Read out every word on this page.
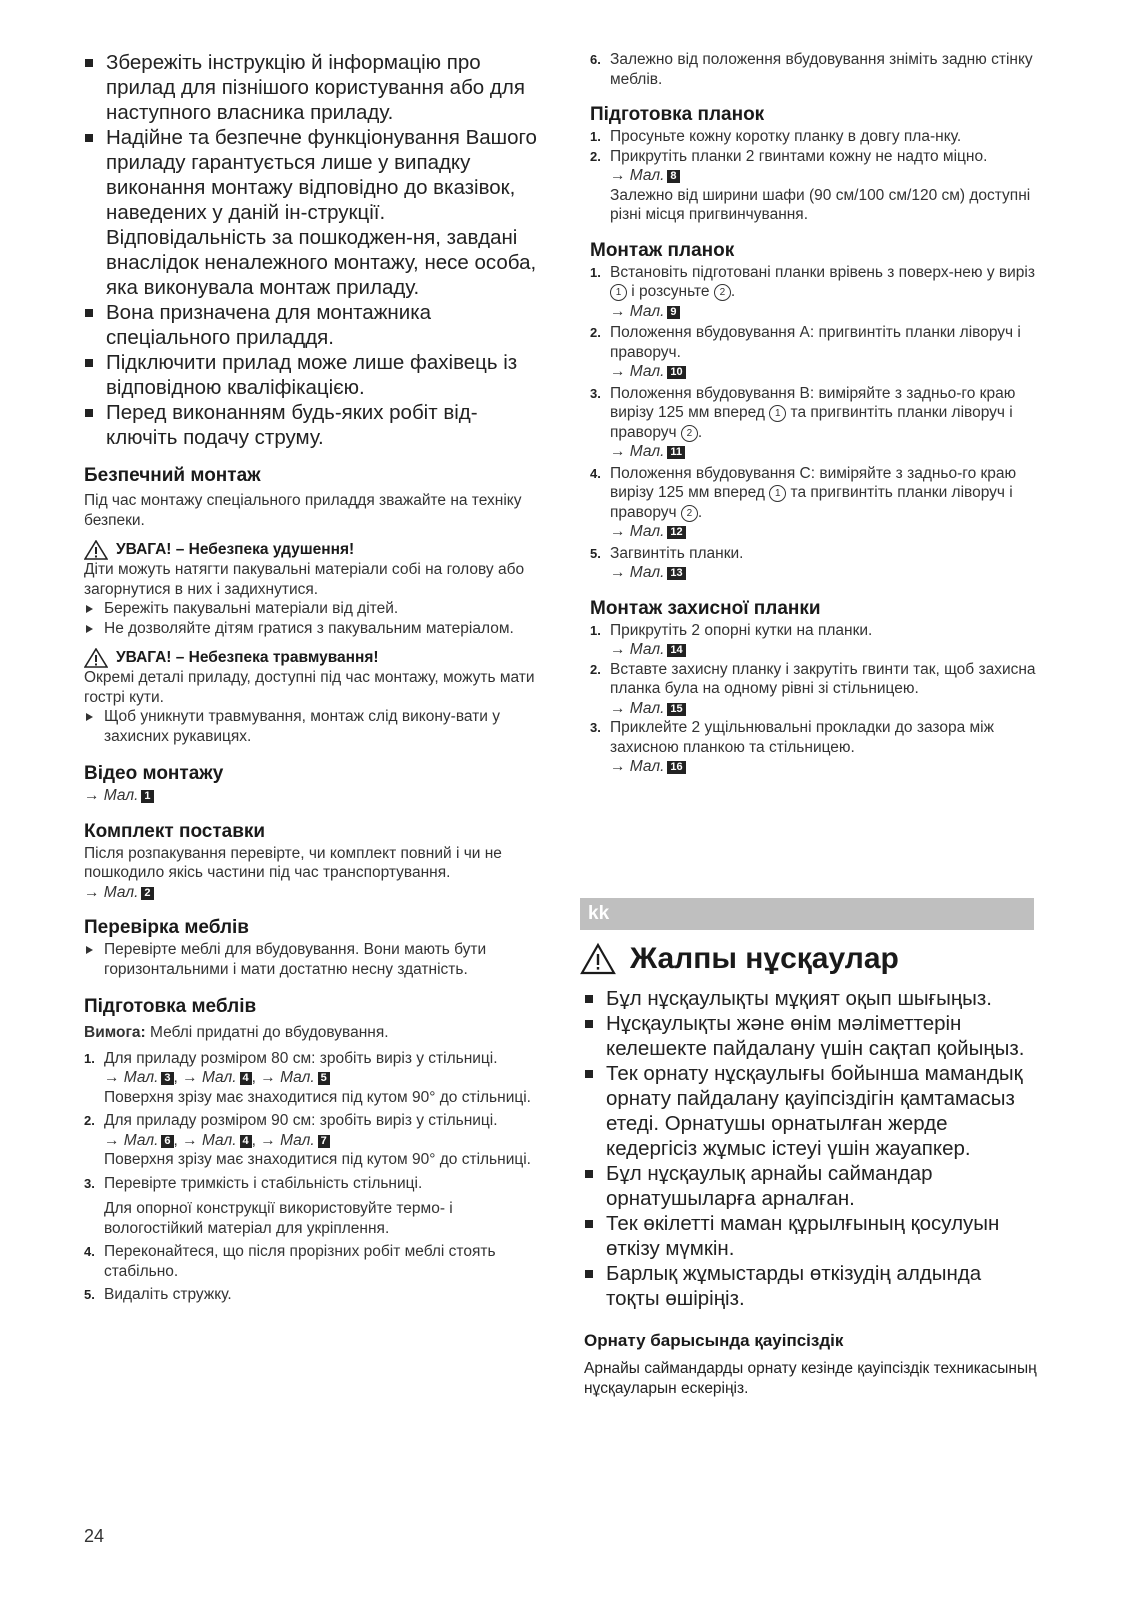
Збережіть інструкцію й інформацію про прилад для пізнішого користування або для наступного власника приладу.
Надійне та безпечне функціонування Вашого приладу гарантується лише у випадку виконання монтажу відповідно до вказівок, наведених у даній ін-струкції. Відповідальність за пошкоджен-ня, завдані внаслідок неналежного монтажу, несе особа, яка виконувала монтаж приладу.
Вона призначена для монтажника спеціального приладдя.
Підключити прилад може лише фахівець із відповідною кваліфікацією.
Перед виконанням будь-яких робіт від-ключіть подачу струму.
Безпечний монтаж

Під час монтажу спеціального приладдя зважайте на техніку безпеки.

УВАГА! – Небезпека удушення!

Діти можуть натягти пакувальні матеріали собі на голову або загорнутися в них і задихнутися.

Бережіть пакувальні матеріали від дітей.
Не дозволяйте дітям гратися з пакувальним матеріалом.
УВАГА! – Небезпека травмування!

Окремі деталі приладу, доступні під час монтажу, можуть мати гострі кути.

Щоб уникнути травмування, монтаж слід викону-вати у захисних рукавицях.
Відео монтажу

→ Мал. 1

Комплект поставки

Після розпакування перевірте, чи комплект повний і чи не пошкодило якісь частини під час транспортування.

→ Мал. 2

Перевірка меблів
Перевірте меблі для вбудовування. Вони мають бути горизонтальними і мати достатню несну здатність.
Підготовка меблів

Вимога: Меблі придатні до вбудовування.

1. Для приладу розміром 80 см: зробіть виріз у стільниці.
→ Мал. 3 , → Мал. 4 , → Мал. 5
Поверхня зрізу має знаходитися під кутом 90° до стільниці.
2. Для приладу розміром 90 см: зробіть виріз у стільниці.
→ Мал. 6 , → Мал. 4 , → Мал. 7
Поверхня зрізу має знаходитися під кутом 90° до стільниці.
3. Перевірте тримкість і стабільність стільниці.
Для опорної конструкції використовуйте термо- і вологостійкий матеріал для укріплення.
4. Переконайтеся, що після прорізних робіт меблі стоять стабільно.
5. Видаліть стружку.
6. Залежно від положення вбудовування зніміть задню стінку меблів.
Підготовка планок
1. Просуньте кожну коротку планку в довгу пла-нку.
2. Прикрутіть планки 2 гвинтами кожну не надто міцно.
→ Мал. 8
Залежно від ширини шафи (90 см/100 см/120 см) доступні різні місця пригвинчування.
Монтаж планок
1. Встановіть підготовані планки врівень з поверх-нею у виріз 1 і розсуньте 2 .
→ Мал. 9
2. Положення вбудовування А: пригвинтіть планки ліворуч і праворуч.
→ Мал. 10
3. Положення вбудовування В: виміряйте з задньо-го краю вирізу 125 мм вперед 1 та пригвинтіть планки ліворуч і праворуч 2 .
→ Мал. 11
4. Положення вбудовування С: виміряйте з задньо-го краю вирізу 125 мм вперед 1 та пригвинтіть планки ліворуч і праворуч 2 .
→ Мал. 12
5. Загвинтіть планки.
→ Мал. 13
Монтаж захисної планки
1. Прикрутіть 2 опорні кутки на планки.
→ Мал. 14
2. Вставте захисну планку і закрутіть гвинти так, щоб захисна планка була на одному рівні зі стільницею.
→ Мал. 15
3. Приклейте 2 ущільнювальні прокладки до зазора між захисною планкою та стільницею.
→ Мал. 16
kk
Жалпы нұсқаулар
Бұл нұсқаулықты мұқият оқып шығыңыз.
Нұсқаулықты және өнім мәліметтерін келешекте пайдалану үшін сақтап қойыңыз.
Тек орнату нұсқаулығы бойынша мамандық орнату пайдалану қауіпсіздігін қамтамасыз етеді. Орнатушы орнатылған жерде кедергісіз жұмыс істеуі үшін жауапкер.
Бұл нұсқаулық арнайы саймандар орнатушыларға арналған.
Тек өкілетті маман құрылғының қосулуын өткізу мүмкін.
Барлық жұмыстарды өткізудің алдында тоқты өшіріңіз.
Орнату барысында қауіпсіздік

Арнайы саймандарды орнату кезінде қауіпсіздік техникасының нұсқауларын ескеріңіз.

24
